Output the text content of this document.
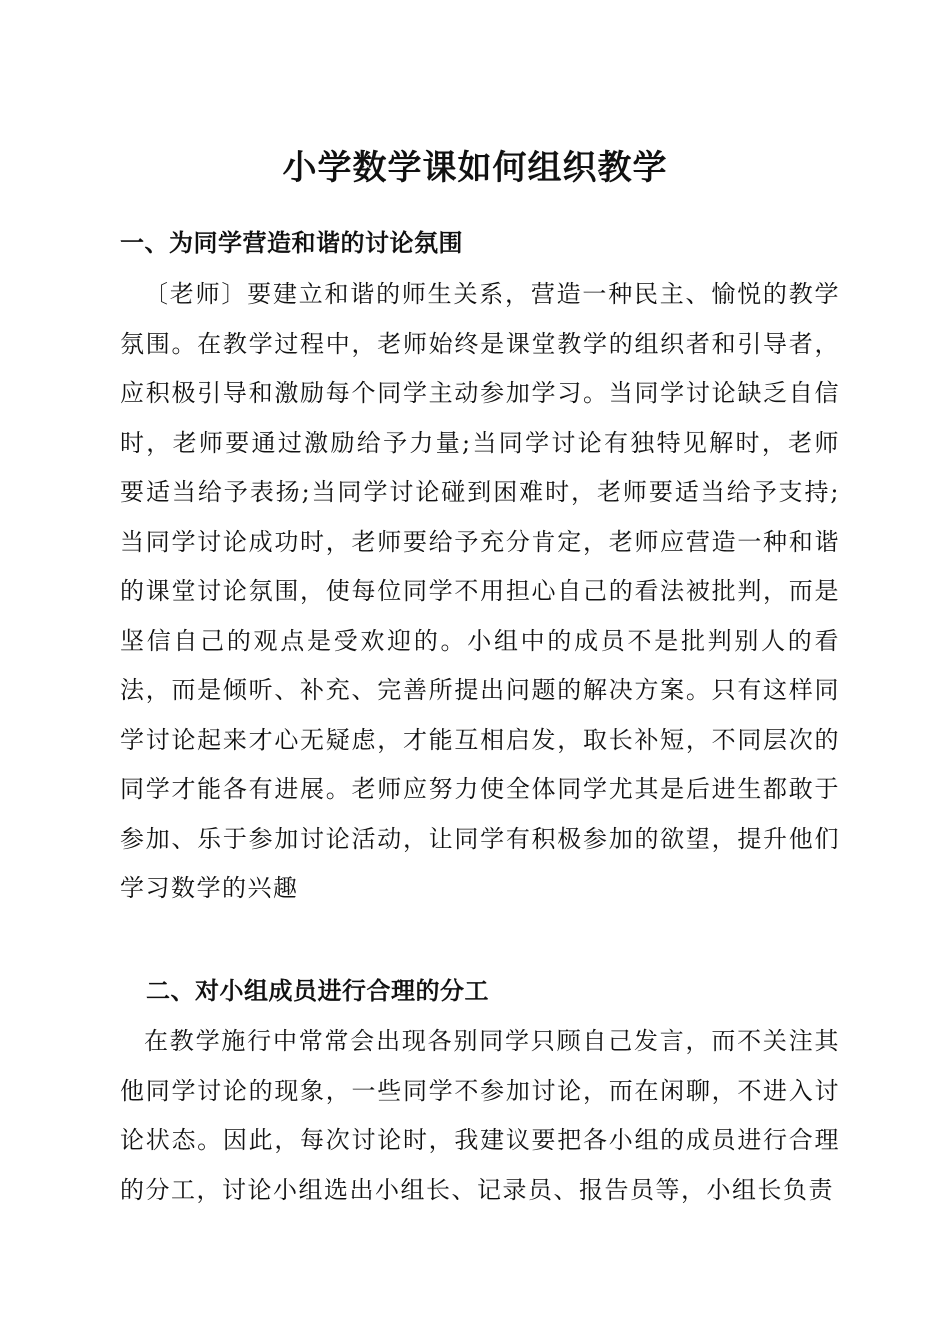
小学数学课如何组织教学
一、为同学营造和谐的讨论氛围

〔老师〕要建立和谐的师生关系，营造一种民主、愉悦的教学氛围。在教学过程中，老师始终是课堂教学的组织者和引导者，应积极引导和激励每个同学主动参加学习。当同学讨论缺乏自信时，老师要通过激励给予力量;当同学讨论有独特见解时，老师要适当给予表扬;当同学讨论碰到困难时，老师要适当给予支持;当同学讨论成功时，老师要给予充分肯定，老师应营造一种和谐的课堂讨论氛围，使每位同学不用担心自己的看法被批判，而是坚信自己的观点是受欢迎的。小组中的成员不是批判别人的看法，而是倾听、补充、完善所提出问题的解决方案。只有这样同学讨论起来才心无疑虑，才能互相启发，取长补短，不同层次的同学才能各有进展。老师应努力使全体同学尤其是后进生都敢于参加、乐于参加讨论活动，让同学有积极参加的欲望，提升他们学习数学的兴趣

二、对小组成员进行合理的分工

在教学施行中常常会出现各别同学只顾自己发言，而不关注其他同学讨论的现象，一些同学不参加讨论，而在闲聊，不进入讨论状态。因此，每次讨论时，我建议要把各小组的成员进行合理的分工，讨论小组选出小组长、记录员、报告员等，小组长负责
